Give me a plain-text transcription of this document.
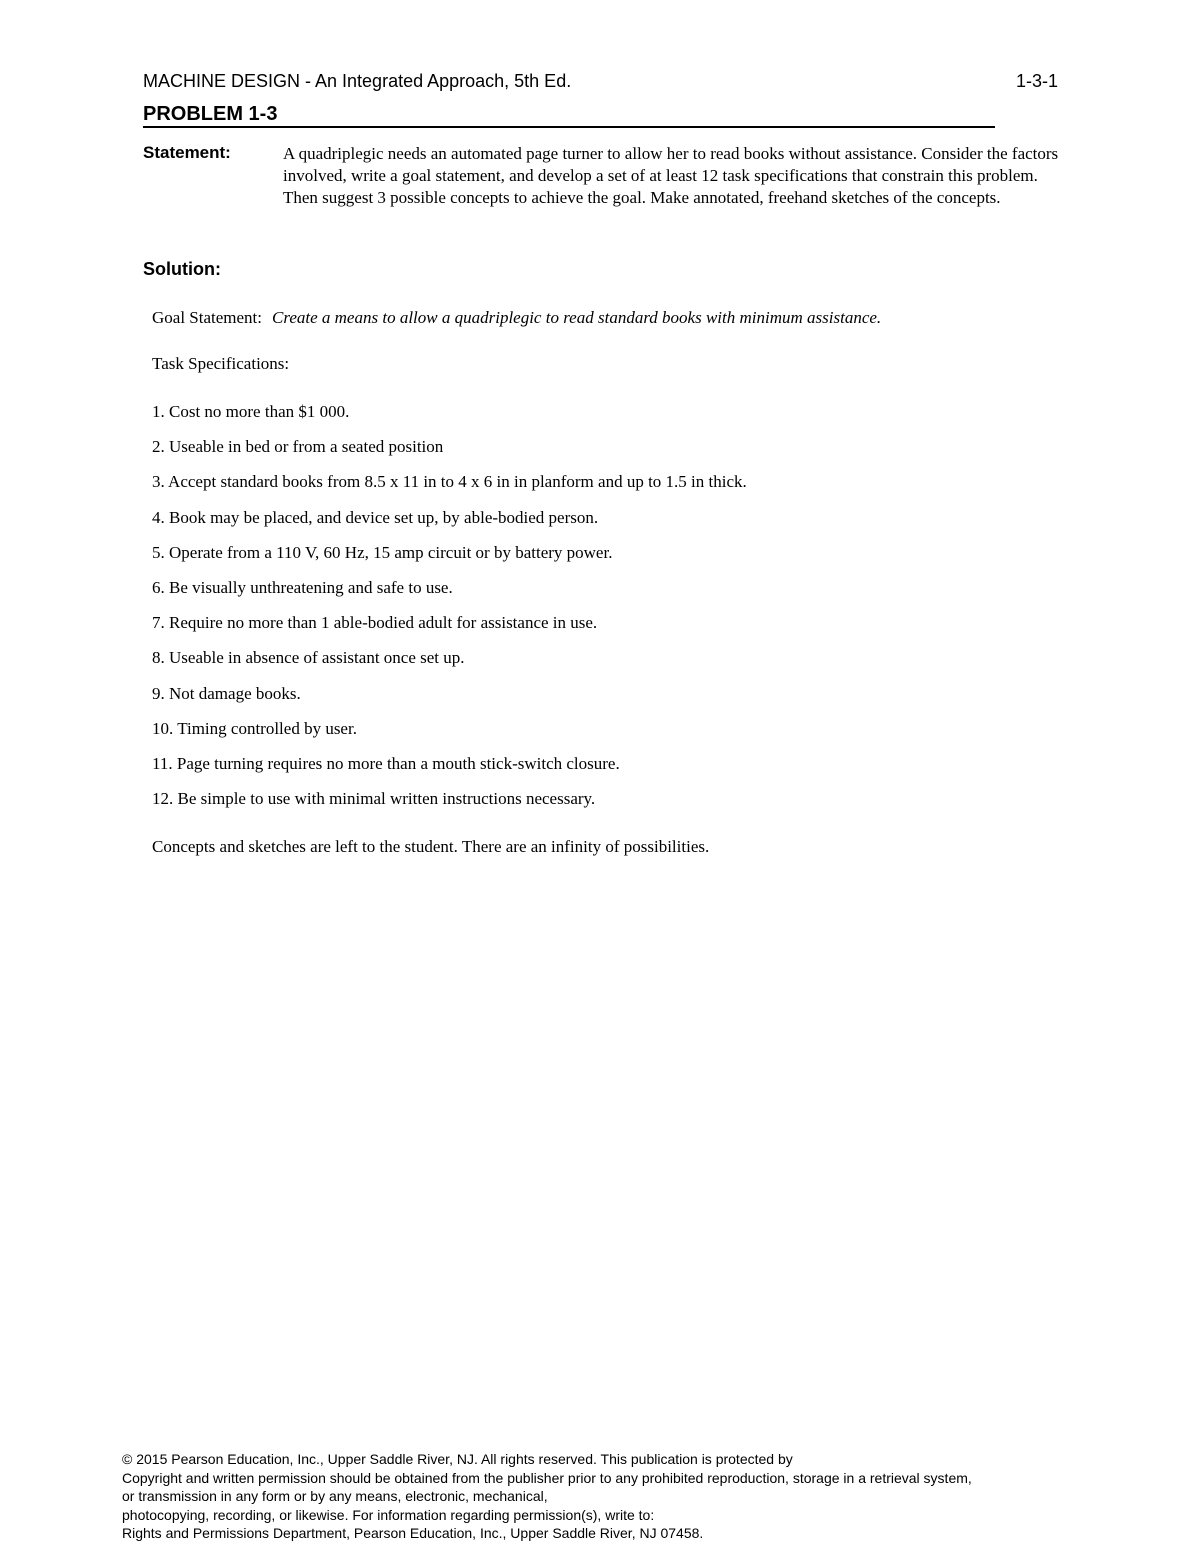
MACHINE DESIGN - An Integrated Approach, 5th Ed.	1-3-1
PROBLEM 1-3
Statement:	A quadriplegic needs an automated page turner to allow her to read books without assistance. Consider the factors involved, write a goal statement, and develop a set of at least 12 task specifications that constrain this problem. Then suggest 3 possible concepts to achieve the goal. Make annotated, freehand sketches of the concepts.
Solution:
Goal Statement: Create a means to allow a quadriplegic to read standard books with minimum assistance.
Task Specifications:
1. Cost no more than $1 000.
2. Useable in bed or from a seated position
3. Accept standard books from 8.5 x 11 in to 4 x 6 in in planform and up to 1.5 in thick.
4. Book may be placed, and device set up, by able-bodied person.
5. Operate from a 110 V, 60 Hz, 15 amp circuit or by battery power.
6. Be visually unthreatening and safe to use.
7. Require no more than 1 able-bodied adult for assistance in use.
8. Useable in absence of assistant once set up.
9. Not damage books.
10. Timing controlled by user.
11. Page turning requires no more than a mouth stick-switch closure.
12. Be simple to use with minimal written instructions necessary.
Concepts and sketches are left to the student. There are an infinity of possibilities.
© 2015 Pearson Education, Inc., Upper Saddle River, NJ. All rights reserved. This publication is protected by
Copyright and written permission should be obtained from the publisher prior to any prohibited reproduction, storage in a retrieval system,
or transmission in any form or by any means, electronic, mechanical,
photocopying, recording, or likewise. For information regarding permission(s), write to:
Rights and Permissions Department, Pearson Education, Inc., Upper Saddle River, NJ 07458.
